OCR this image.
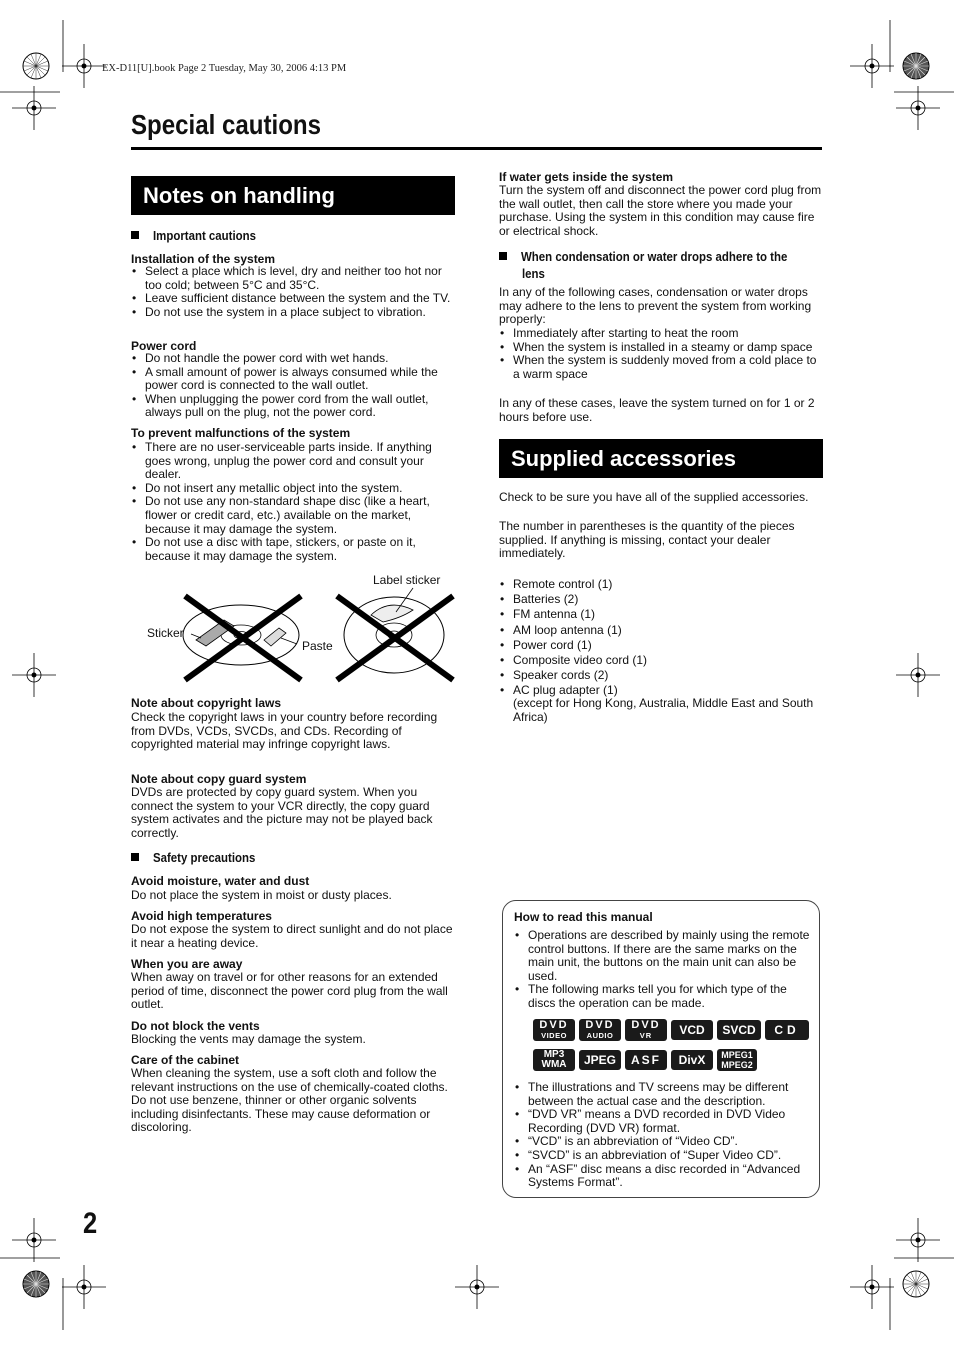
EX-D11[U].book Page 2 Tuesday, May 30, 2006 4:13 PM
Special cautions
Notes on handling
Important cautions
Installation of the system
• Select a place which is level, dry and neither too hot nor too cold; between 5°C and 35°C.
• Leave sufficient distance between the system and the TV.
• Do not use the system in a place subject to vibration.
Power cord
• Do not handle the power cord with wet hands.
• A small amount of power is always consumed while the power cord is connected to the wall outlet.
• When unplugging the power cord from the wall outlet, always pull on the plug, not the power cord.
To prevent malfunctions of the system
• There are no user-serviceable parts inside. If anything goes wrong, unplug the power cord and consult your dealer.
• Do not insert any metallic object into the system.
• Do not use any non-standard shape disc (like a heart, flower or credit card, etc.) available on the market, because it may damage the system.
• Do not use a disc with tape, stickers, or paste on it, because it may damage the system.
Label sticker
Sticker
Paste
Note about copyright laws
Check the copyright laws in your country before recording from DVDs, VCDs, SVCDs, and CDs. Recording of copyrighted material may infringe copyright laws.
Note about copy guard system
DVDs are protected by copy guard system. When you connect the system to your VCR directly, the copy guard system activates and the picture may not be played back correctly.
Safety precautions
Avoid moisture, water and dust
Do not place the system in moist or dusty places.
Avoid high temperatures
Do not expose the system to direct sunlight and do not place it near a heating device.
When you are away
When away on travel or for other reasons for an extended period of time, disconnect the power cord plug from the wall outlet.
Do not block the vents
Blocking the vents may damage the system.
Care of the cabinet
When cleaning the system, use a soft cloth and follow the relevant instructions on the use of chemically-coated cloths. Do not use benzene, thinner or other organic solvents including disinfectants. These may cause deformation or discoloring.
If water gets inside the system
Turn the system off and disconnect the power cord plug from the wall outlet, then call the store where you made your purchase. Using the system in this condition may cause fire or electrical shock.
When condensation or water drops adhere to the
lens
In any of the following cases, condensation or water drops may adhere to the lens to prevent the system from working properly:
• Immediately after starting to heat the room
• When the system is installed in a steamy or damp space
• When the system is suddenly moved from a cold place to a warm space
In any of these cases, leave the system turned on for 1 or 2 hours before use.
Supplied accessories
Check to be sure you have all of the supplied accessories.
The number in parentheses is the quantity of the pieces supplied. If anything is missing, contact your dealer immediately.
• Remote control (1)
• Batteries (2)
• FM antenna (1)
• AM loop antenna (1)
• Power cord (1)
• Composite video cord (1)
• Speaker cords (2)
• AC plug adapter (1)
(except for Hong Kong, Australia, Middle East and South Africa)
How to read this manual
• Operations are described by mainly using the remote control buttons. If there are the same marks on the main unit, the buttons on the main unit can also be used.
• The following marks tell you for which type of the discs the operation can be made.
DVD
VIDEO
DVD
AUDIO
DVD
VR	VCD	SVCD	CD
MP3
WMA	JPEG	ASF	DivX	MPEG1
MPEG2
• The illustrations and TV screens may be different between the actual case and the description.
• “DVD VR” means a DVD recorded in DVD Video Recording (DVD VR) format.
• “VCD” is an abbreviation of “Video CD”.
• “SVCD” is an abbreviation of “Super Video CD”.
• An “ASF” disc means a disc recorded in “Advanced Systems Format”.
2
